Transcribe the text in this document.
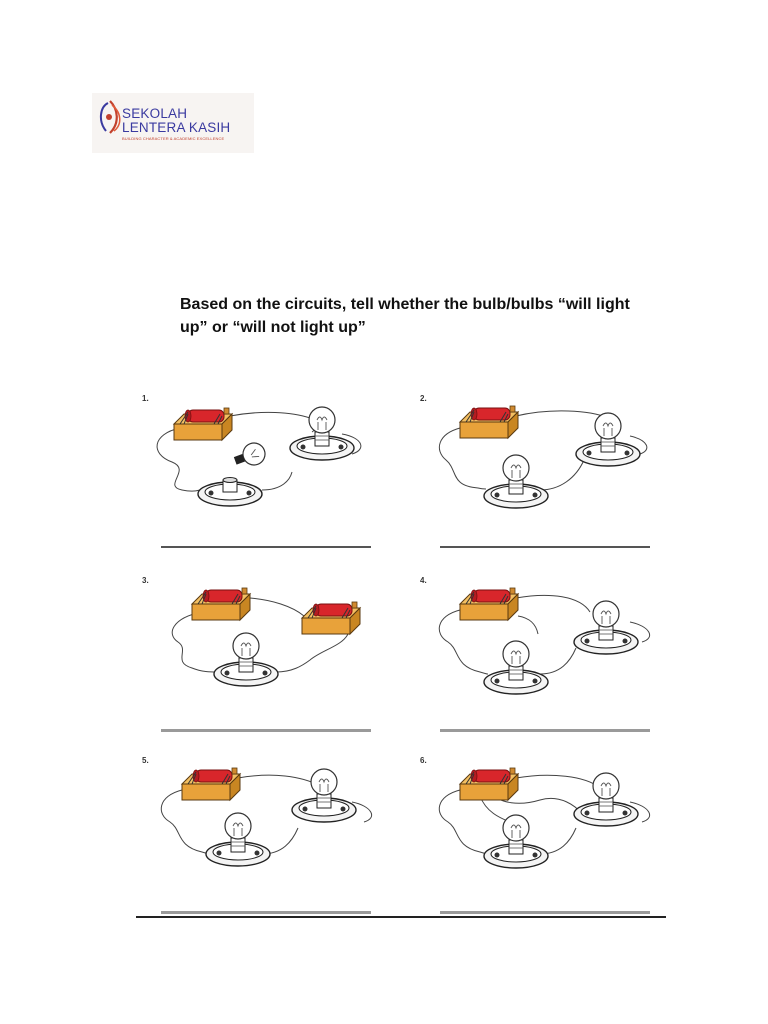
SEKOLAH
LENTERA KASIH
BUILDING CHARACTER & ACADEMIC EXCELLENCE
Based on the circuits, tell whether the bulb/bulbs “will light up” or “will not light up”
1.	2.
3.	4.
5.	6.
